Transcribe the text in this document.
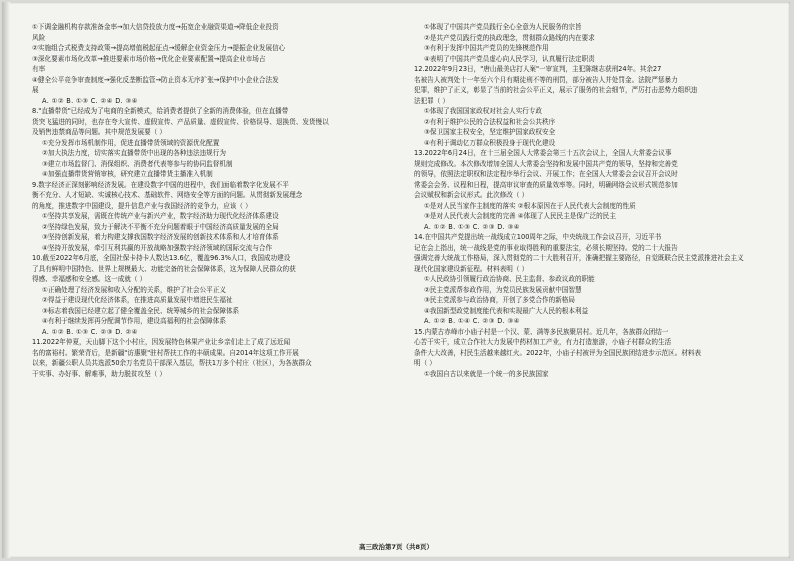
①下调金融机构存款准备金率→加大信贷投放力度→拓宽企业融资渠道→降低企业投资
风险
②实施组合式税费支持政策→提高增值税起征点→缓解企业资金压力→提振企业发展信心
③深化要素市场化改革→推进要素市场价格→优化企业要素配置→提高企业市场占
有率
④健全公平竞争审查制度→强化反垄断监管→防止资本无序扩张→保护中小企业合法发
展
A. ①② B. ①③ C. ②④ D. ③④
8."直播带货"已经成为了电商的全新模式，给消费者提供了全新的消费体验，但在直播带
货突飞猛进的同时，也存在夸大宣传、虚假宣传、产品质量、虚假宣传、价格误导、退换货、发货慢以
及销售违禁商品等问题。其中规范发展要（ ）
①充分发挥市场机制作用，促进直播带货领域的资源优化配置
②加大执法力度，切实落实直播带货中出现的各种违法违规行为
③建立市场监督门、消保组织、消费者代表等参与的协同监督机制
④加强直播带货营销审核，研究建立直播带货主播准入机制
9.数字经济正深刻影响经济发展。在建设数字中国的进程中，我们面临着数字化发展不平
衡不充分、人才短缺、实诚核心技术、基础软件、网络安全等方面的问题。从贯彻新发展理念
的角度，推进数字中国建设，提升信息产业与我国经济的竞争力，应该（ ）
①坚持共享发展，需既在传统产业与新兴产业，数字经济助力现代化经济体系建设
②坚持绿色发展，致力于解决不平衡不充分问题着眼于中国经济高质量发展的全局
③坚持创新发展，着力构建支撑我国数字经济发展的创新技术体系和人才培育体系
④坚持开放发展，牵引互利共赢的开放战略加强数字经济领域的国际交流与合作
10.截至2022年6月底，全国社保卡持卡人数达13.6亿，覆盖96.3%人口，我国成功建设
了具有鲜明中国特色、世界上规模最大、功能完备的社会保障体系，这为保障人民群众的获
得感、幸福感和安全感。这一成就（ ）
①正确处理了经济发展和收入分配的关系，维护了社会公平正义
②得益于建设现代化经济体系，在推进高质量发展中增进民生福祉
③标志着我国已经建立起了健全覆盖全民、统筹城乡的社会保障体系
④有利于继续发挥再分配调节作用，建设高福利的社会保障体系
A. ①② B. ①③ C. ②③ D. ②④
11.2022年仲夏，天山脚下这个小村庄，因发展特色林果产业让乡亲们走上了成了远近闻
名的富裕村。繁荣背后，是新疆"访惠聚"驻村帮扶工作的丰硕成果。自2014年这项工作开展
以来，新疆公职人员共选派50余万名党员干部深入基层，帮扶1万多个村庄（社区），为各族群众
干实事、办好事、解难事，助力脱贫攻坚（ ）
①体现了中国共产党员践行全心全意为人民服务的宗旨
②是共产党员践行党的执政理念，贯彻群众路线的内在要求
③有利于发挥中国共产党员的先锋模范作用
④表明了中国共产党员虚心向人民学习，认真履行法定职责
12.2022年9月23日，"唐山最美店打人案"一审宣判，主犯陈继志获刑24年。其余27
名被告人被判处十一年至六个月有期徒刑不等的刑罚，部分被告人并处罚金。法院严惩暴力
犯罪，维护了正义，彰显了当前的社会公平正义，展示了服务的社会细节，严厉打击恶势力组织违
法犯罪（ ）
①体现了我国国家政权对社会人实行专政
②有利于维护公民的合法权益和社会公共秩序
③保卫国家主权安全，坚定维护国家政权安全
④有利于调动亿万群众积极投身于现代化建设
13.2022年6月24日，在十三届全国人大常委会第三十五次会议上，全国人大常委会议事
规则完成修改。本次修改增加全国人大常委会坚持和发展中国共产党的领导，坚持和完善党
的领导，依照法定职权和法定程序举行会议、开展工作；在全国人大常委会会议召开会议时
常委会会务、议程和日程，提高审议审查的质量效率等。同时，明确网络会议形式规范参加
会议赋权和新会议形式。此次修改（ ）
①是对人民当家作主制度的落实 ②根本原因在于人民代表大会制度的性质
③是对人民代表大会制度的完善 ④体现了人民民主是保广泛的民主
A. ①② B. ①③ C. ②③ D. ③④
14.在中国共产党提出统一战线成立100周年之际，中央统战工作会议召开，习近平书
记在会上指出，统一战线是党的事业取得胜利的重要法宝，必须长期坚持。党的二十大报告
强调完善大统战工作格局，深入贯彻党的二十大胜利召开，准确把握主要路径，自觉既联合民主党派推进社会主义
现代化国家建设新征程。材料表明（ ）
①人民政协引领履行政治协商、民主监督、参政议政的职能
②民主党派帮参政作用，为党员民族发展贡献中国智慧
③民主党派参与政治协商，开创了多党合作的新格局
④我国新型政党制度能代表和实现最广大人民的根本利益
A. ①② B. ①④ C. ②③ D. ③④
15.内蒙古赤峰市小庙子村是一个汉、蒙、满等多民族聚居村。近几年，各族群众团结一
心苦干实干，成立合作社大力发展中药材加工产业，有力打造旅游，小庙子村群众的生活
条件大大改善，村民生活越来越红火。2022年，小庙子村被评为全国民族团结进步示范区。材料表
明（ ）
①我国自古以来就是一个统一的多民族国家
高三政治第7页（共8页）
